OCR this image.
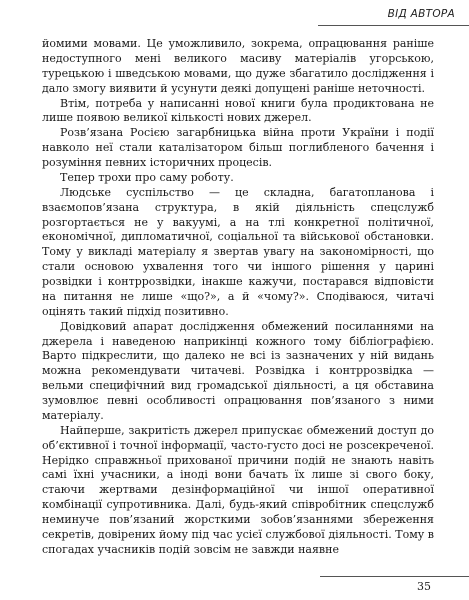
ВІД АВТОРА

йомими мовами. Це уможливило, зокрема, опрацювання раніше недоступного мені великого масиву матеріалів угорською, турецькою і шведською мовами, що дуже збагатило дослідження і дало змогу виявити й усунути деякі допущені раніше неточності.

Втім, потреба у написанні нової книги була продиктована не лише появою великої кількості нових джерел.

Розв’язана Росією загарбницька війна проти України і події навколо неї стали каталізатором більш поглибленого бачення і розуміння певних історичних процесів.

Тепер трохи про саму роботу.

Людське суспільство — це складна, багатопланова і взаємопов’язана структура, в якій діяльність спецслужб розгортається не у вакуумі, а на тлі конкретної політичної, економічної, дипломатичної, соціальної та військової обстановки. Тому у викладі матеріалу я звертав увагу на закономірності, що стали основою ухвалення того чи іншого рішення у царині розвідки і контррозвідки, інакше кажучи, постарався відповісти на питання не лише «що?», а й «чому?». Сподіваюся, читачі оцінять такий підхід позитивно.

Довідковий апарат дослідження обмежений посиланнями на джерела і наведеною наприкінці кожного тому бібліографією. Варто підкреслити, що далеко не всі із зазначених у ній видань можна рекомендувати читачеві. Розвідка і контррозвідка — вельми специфічний вид громадської діяльності, а ця обставина зумовлює певні особливості опрацювання пов’язаного з ними матеріалу.

Найперше, закритість джерел припускає обмежений доступ до об’єктивної і точної інформації, часто-густо досі не розсекреченої. Нерідко справжньої прихованої причини подій не знають навіть самі їхні учасники, а іноді вони бачать їх лише зі свого боку, стаючи жертвами дезінформаційної чи іншої оперативної комбінації супротивника. Далі, будь-який співробітник спецслужб неминуче пов’язаний жорсткими зобов’язаннями збереження секретів, довірених йому під час усієї службової діяльності. Тому в спогадах учасників подій зовсім не завжди наявне

35
